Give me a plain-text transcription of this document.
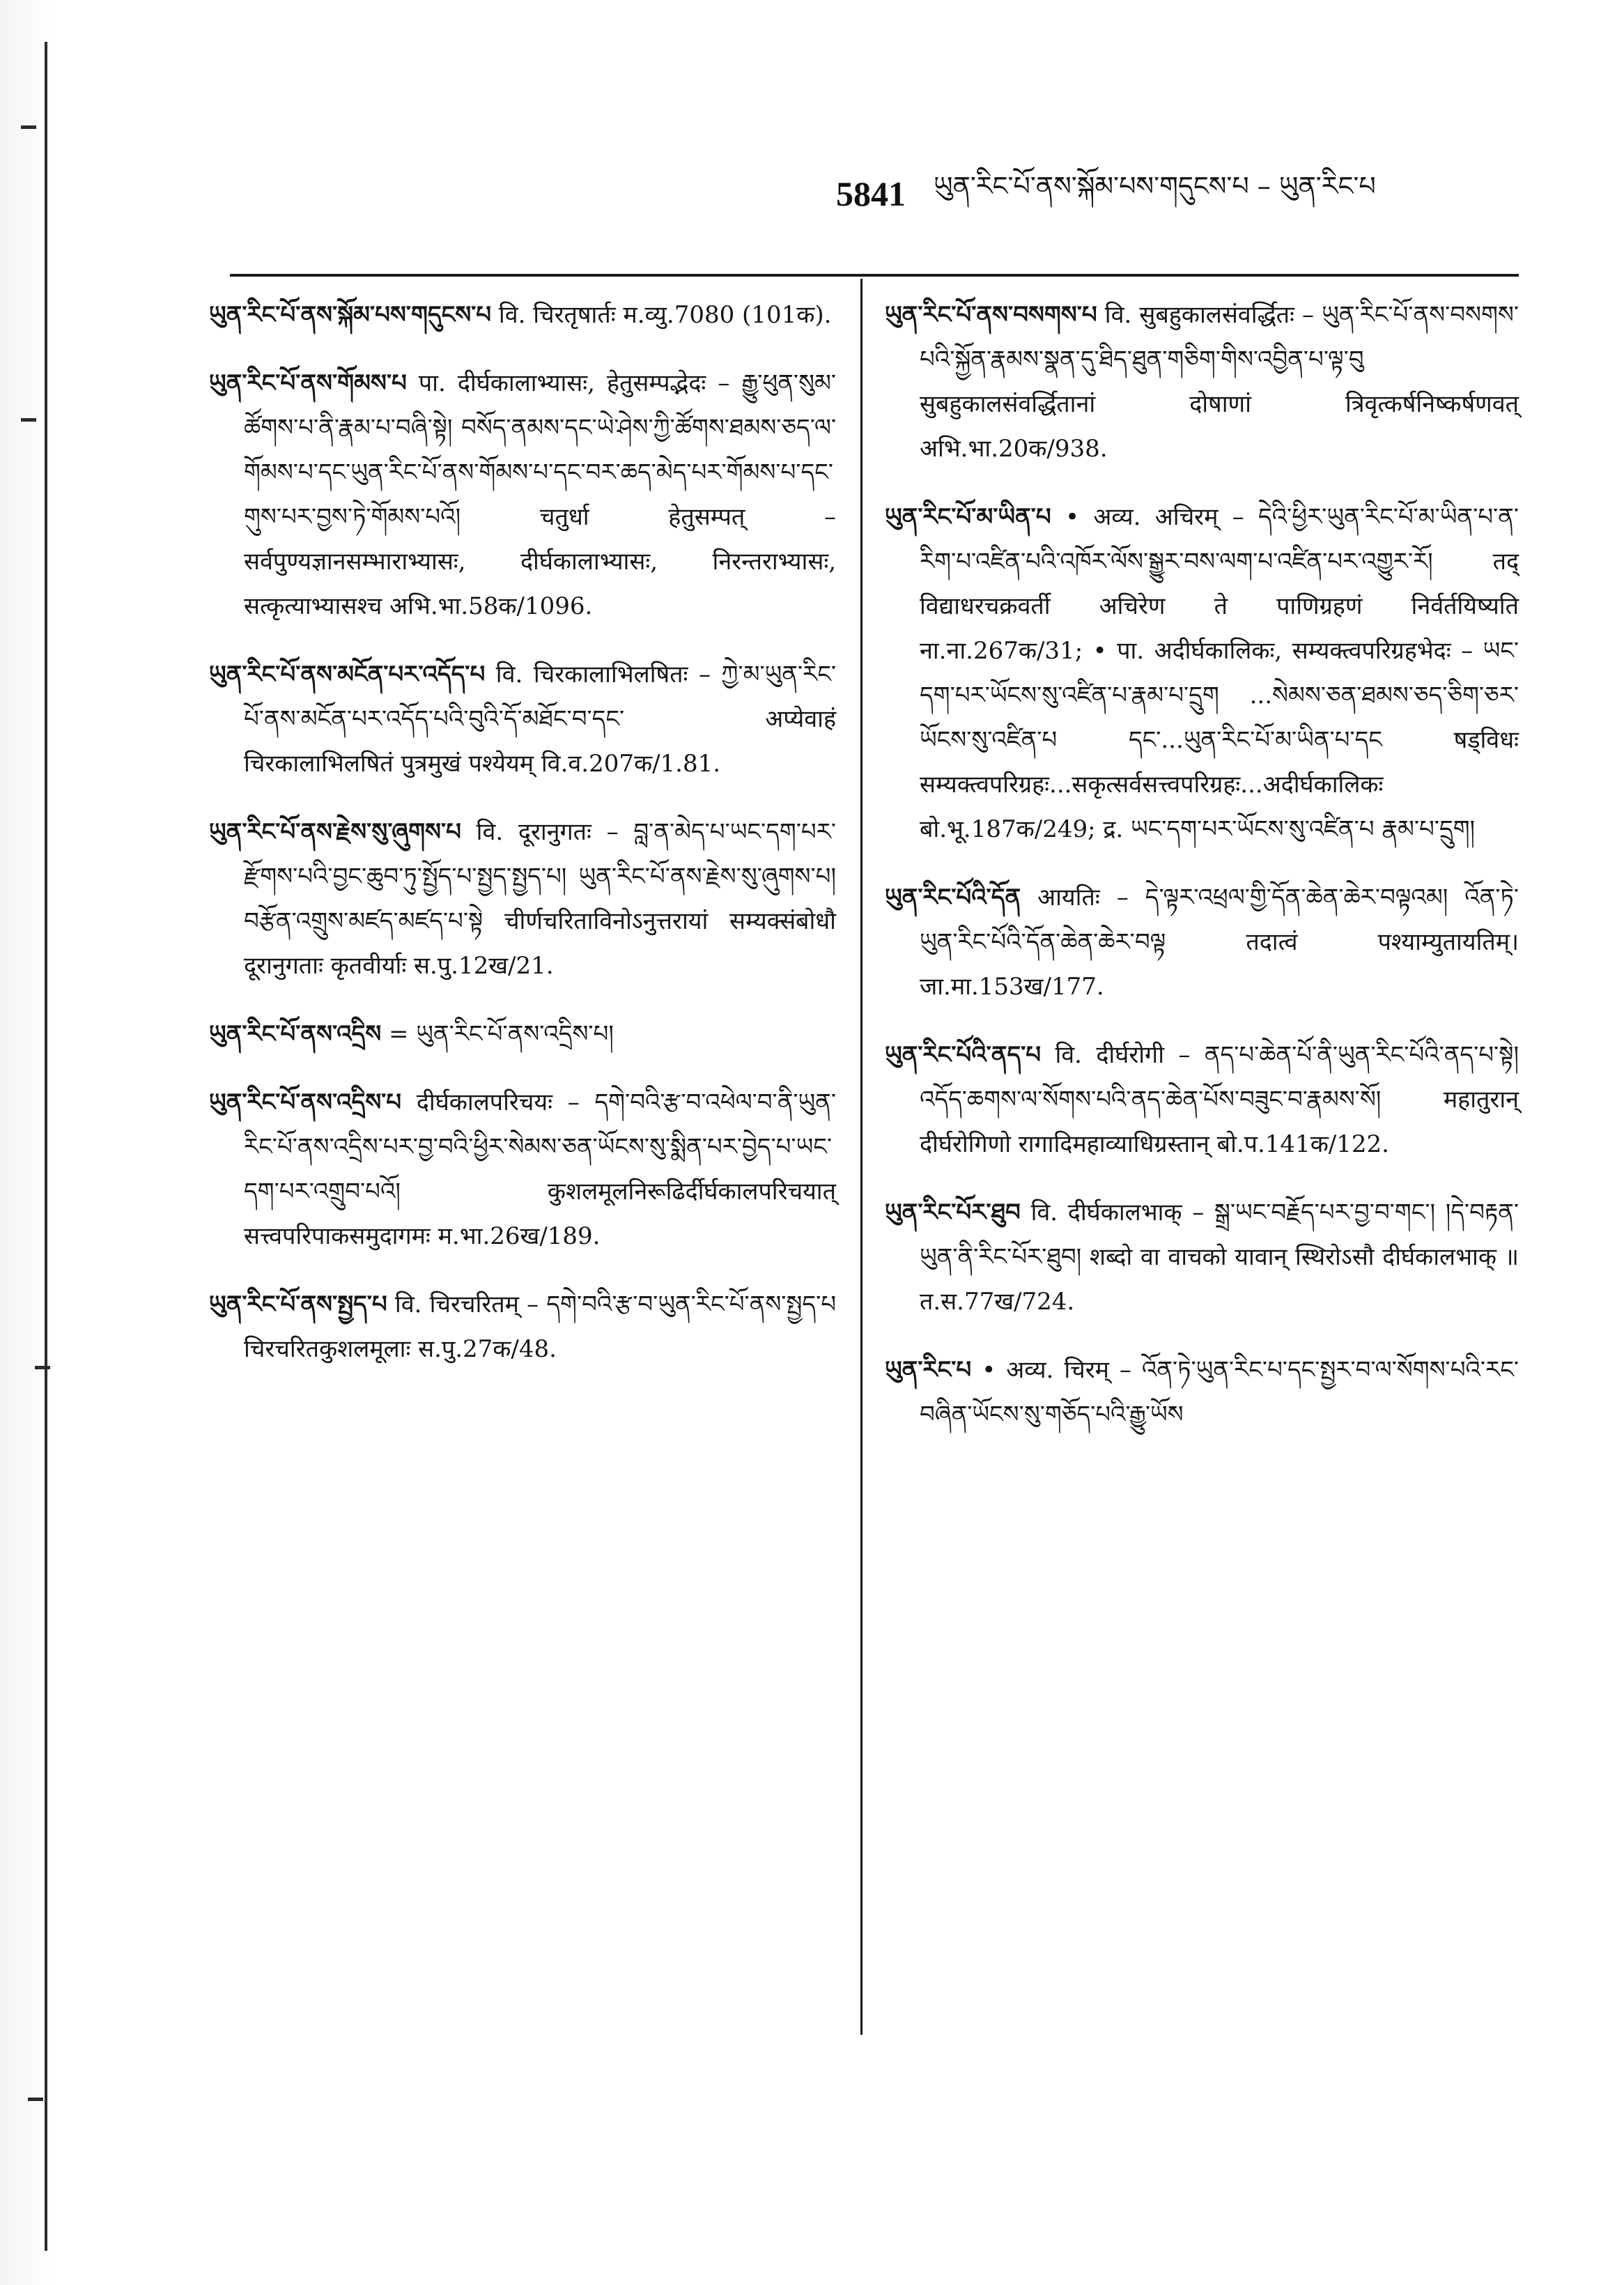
5841 ཡུན་རིང་པོ་ནས་སྐོམ་པས་གདུངས་པ – ཡུན་རིང་པ

ཡུན་རིང་པོ་ནས་སྐོམ་པས་གདུངས་པ वि. चिरतृषार्तः म.व्यु.7080 (101क).

ཡུན་རིང་པོ་ནས་གོམས་པ पा. दीर्घकालाभ्यासः, हेतुसम्पद्भेदः – རྒྱུ་ཕུན་སུམ་ཚོགས་པ་ནི་རྣམ་པ་བཞི་སྟེ། བསོད་ནམས་དང་ཡེ་ཤེས་ཀྱི་ཚོགས་ཐམས་ཅད་ལ་གོམས་པ་དང་ཡུན་རིང་པོ་ནས་གོམས་པ་དང་བར་ཆད་མེད་པར་གོམས་པ་དང་གུས་པར་བྱས་ཏེ་གོམས་པའོ། चतुर्धा हेतुसम्पत् – सर्वपुण्यज्ञानसम्भाराभ्यासः, दीर्घकालाभ्यासः, निरन्तराभ्यासः, सत्कृत्याभ्यासश्च अभि.भा.58क/1096.

ཡུན་རིང་པོ་ནས་མངོན་པར་འདོད་པ वि. चिरकालाभिलषितः – ཀྱེ་མ་ཡུན་རིང་པོ་ནས་མངོན་པར་འདོད་པའི་བུའི་དོ་མཐོང་བ་དང་ अप्येवाहं चिरकालाभिलषितं पुत्रमुखं पश्येयम् वि.व.207क/1.81.

ཡུན་རིང་པོ་ནས་རྗེས་སུ་ཞུགས་པ वि. दूरानुगतः – བླ་ན་མེད་པ་ཡང་དག་པར་རྫོགས་པའི་བྱང་ཆུབ་ཏུ་སྤྱོད་པ་སྤྱད་སྤྱད་པ། ཡུན་རིང་པོ་ནས་རྗེས་སུ་ཞུགས་པ། བརྩོན་འགྲུས་མཛད་མཛད་པ་སྟེ चीर्णचरिताविनोऽनुत्तरायां सम्यक्संबोधौ दूरानुगताः कृतवीर्याः स.पु.12ख/21.

ཡུན་རིང་པོ་ནས་འདྲིས = ཡུན་རིང་པོ་ནས་འདྲིས་པ།

ཡུན་རིང་པོ་ནས་འདྲིས་པ दीर्घकालपरिचयः – དགེ་བའི་རྩ་བ་འཕེལ་བ་ནི་ཡུན་རིང་པོ་ནས་འདྲིས་པར་བྱ་བའི་ཕྱིར་སེམས་ཅན་ཡོངས་སུ་སྨིན་པར་བྱེད་པ་ཡང་དག་པར་འགྲུབ་པའོ། कुशलमूलनिरूढिर्दीर्घकालपरिचयात् सत्त्वपरिपाकसमुदागमः म.भा.26ख/189.

ཡུན་རིང་པོ་ནས་སྤྱད་པ वि. चिरचरितम् – དགེ་བའི་རྩ་བ་ཡུན་རིང་པོ་ནས་སྤྱད་པ चिरचरितकुशलमूलाः स.पु.27क/48.

ཡུན་རིང་པོ་ནས་བསགས་པ वि. सुबहुकालसंवर्द्धितः – ཡུན་རིང་པོ་ནས་བསགས་པའི་སྐྱོན་རྣམས་སྣན་དུ་ཐིད་ཐུན་གཅིག་གིས་འབྱིན་པ་ལྟ་བུ सुबहुकालसंवर्द्धितानां दोषाणां त्रिवृत्कर्षनिष्कर्षणवत् अभि.भा.20क/938.

ཡུན་རིང་པོ་མ་ཡིན་པ • अव्य. अचिरम् – དེའི་ཕྱིར་ཡུན་རིང་པོ་མ་ཡིན་པ་ན་རིག་པ་འཛིན་པའི་འཁོར་ལོས་སྒྱུར་བས་ལག་པ་འཛིན་པར་འགྱུར་རོ། तद् विद्याधरचक्रवर्ती अचिरेण ते पाणिग्रहणं निर्वर्तयिष्यति ना.ना.267क/31; • पा. अदीर्घकालिकः, सम्यक्त्वपरिग्रहभेदः – ཡང་དག་པར་ཡོངས་སུ་འཛིན་པ་རྣམ་པ་དྲུག ...སེམས་ཅན་ཐམས་ཅད་ཅིག་ཅར་ཡོངས་སུ་འཛིན་པ དང་...ཡུན་རིང་པོ་མ་ཡིན་པ་དང षड्विधः सम्यक्त्वपरिग्रहः...सकृत्सर्वसत्त्वपरिग्रहः...अदीर्घकालिकः बो.भू.187क/249; द्र. ཡང་དག་པར་ཡོངས་སུ་འཛིན་པ རྣམ་པ་དྲུག།

ཡུན་རིང་པོའི་དོན आयतिः – དེ་ལྟར་འཕྲལ་གྱི་དོན་ཆེན་ཆེར་བལྟའམ། འོན་ཏེ་ཡུན་རིང་པོའི་དོན་ཆེན་ཆེར་བལྟ तदात्वं पश्याम्युतायतिम्। जा.मा.153ख/177.

ཡུན་རིང་པོའི་ནད་པ वि. दीर्घरोगी – ནད་པ་ཆེན་པོ་ནི་ཡུན་རིང་པོའི་ནད་པ་སྟེ། འདོད་ཆགས་ལ་སོགས་པའི་ནད་ཆེན་པོས་བཟུང་བ་རྣམས་སོ། महातुरान् दीर्घरोगिणो रागादिमहाव्याधिग्रस्तान् बो.प.141क/122.

ཡུན་རིང་པོར་ཐུབ वि. दीर्घकालभाक् – སྒྲ་ཡང་བརྗོད་པར་བྱ་བ་གང་། །དེ་བརྟན་ཡུན་ནི་རིང་པོར་ཐུབ། शब्दो वा वाचको यावान् स्थिरोऽसौ दीर्घकालभाक् ॥ त.स.77ख/724.

ཡུན་རིང་པ • अव्य. चिरम् – འོན་ཏེ་ཡུན་རིང་པ་དང་སྤྱར་བ་ལ་སོགས་པའི་རང་བཞིན་ཡོངས་སུ་གཅོད་པའི་རྒྱུ་ཡོས
